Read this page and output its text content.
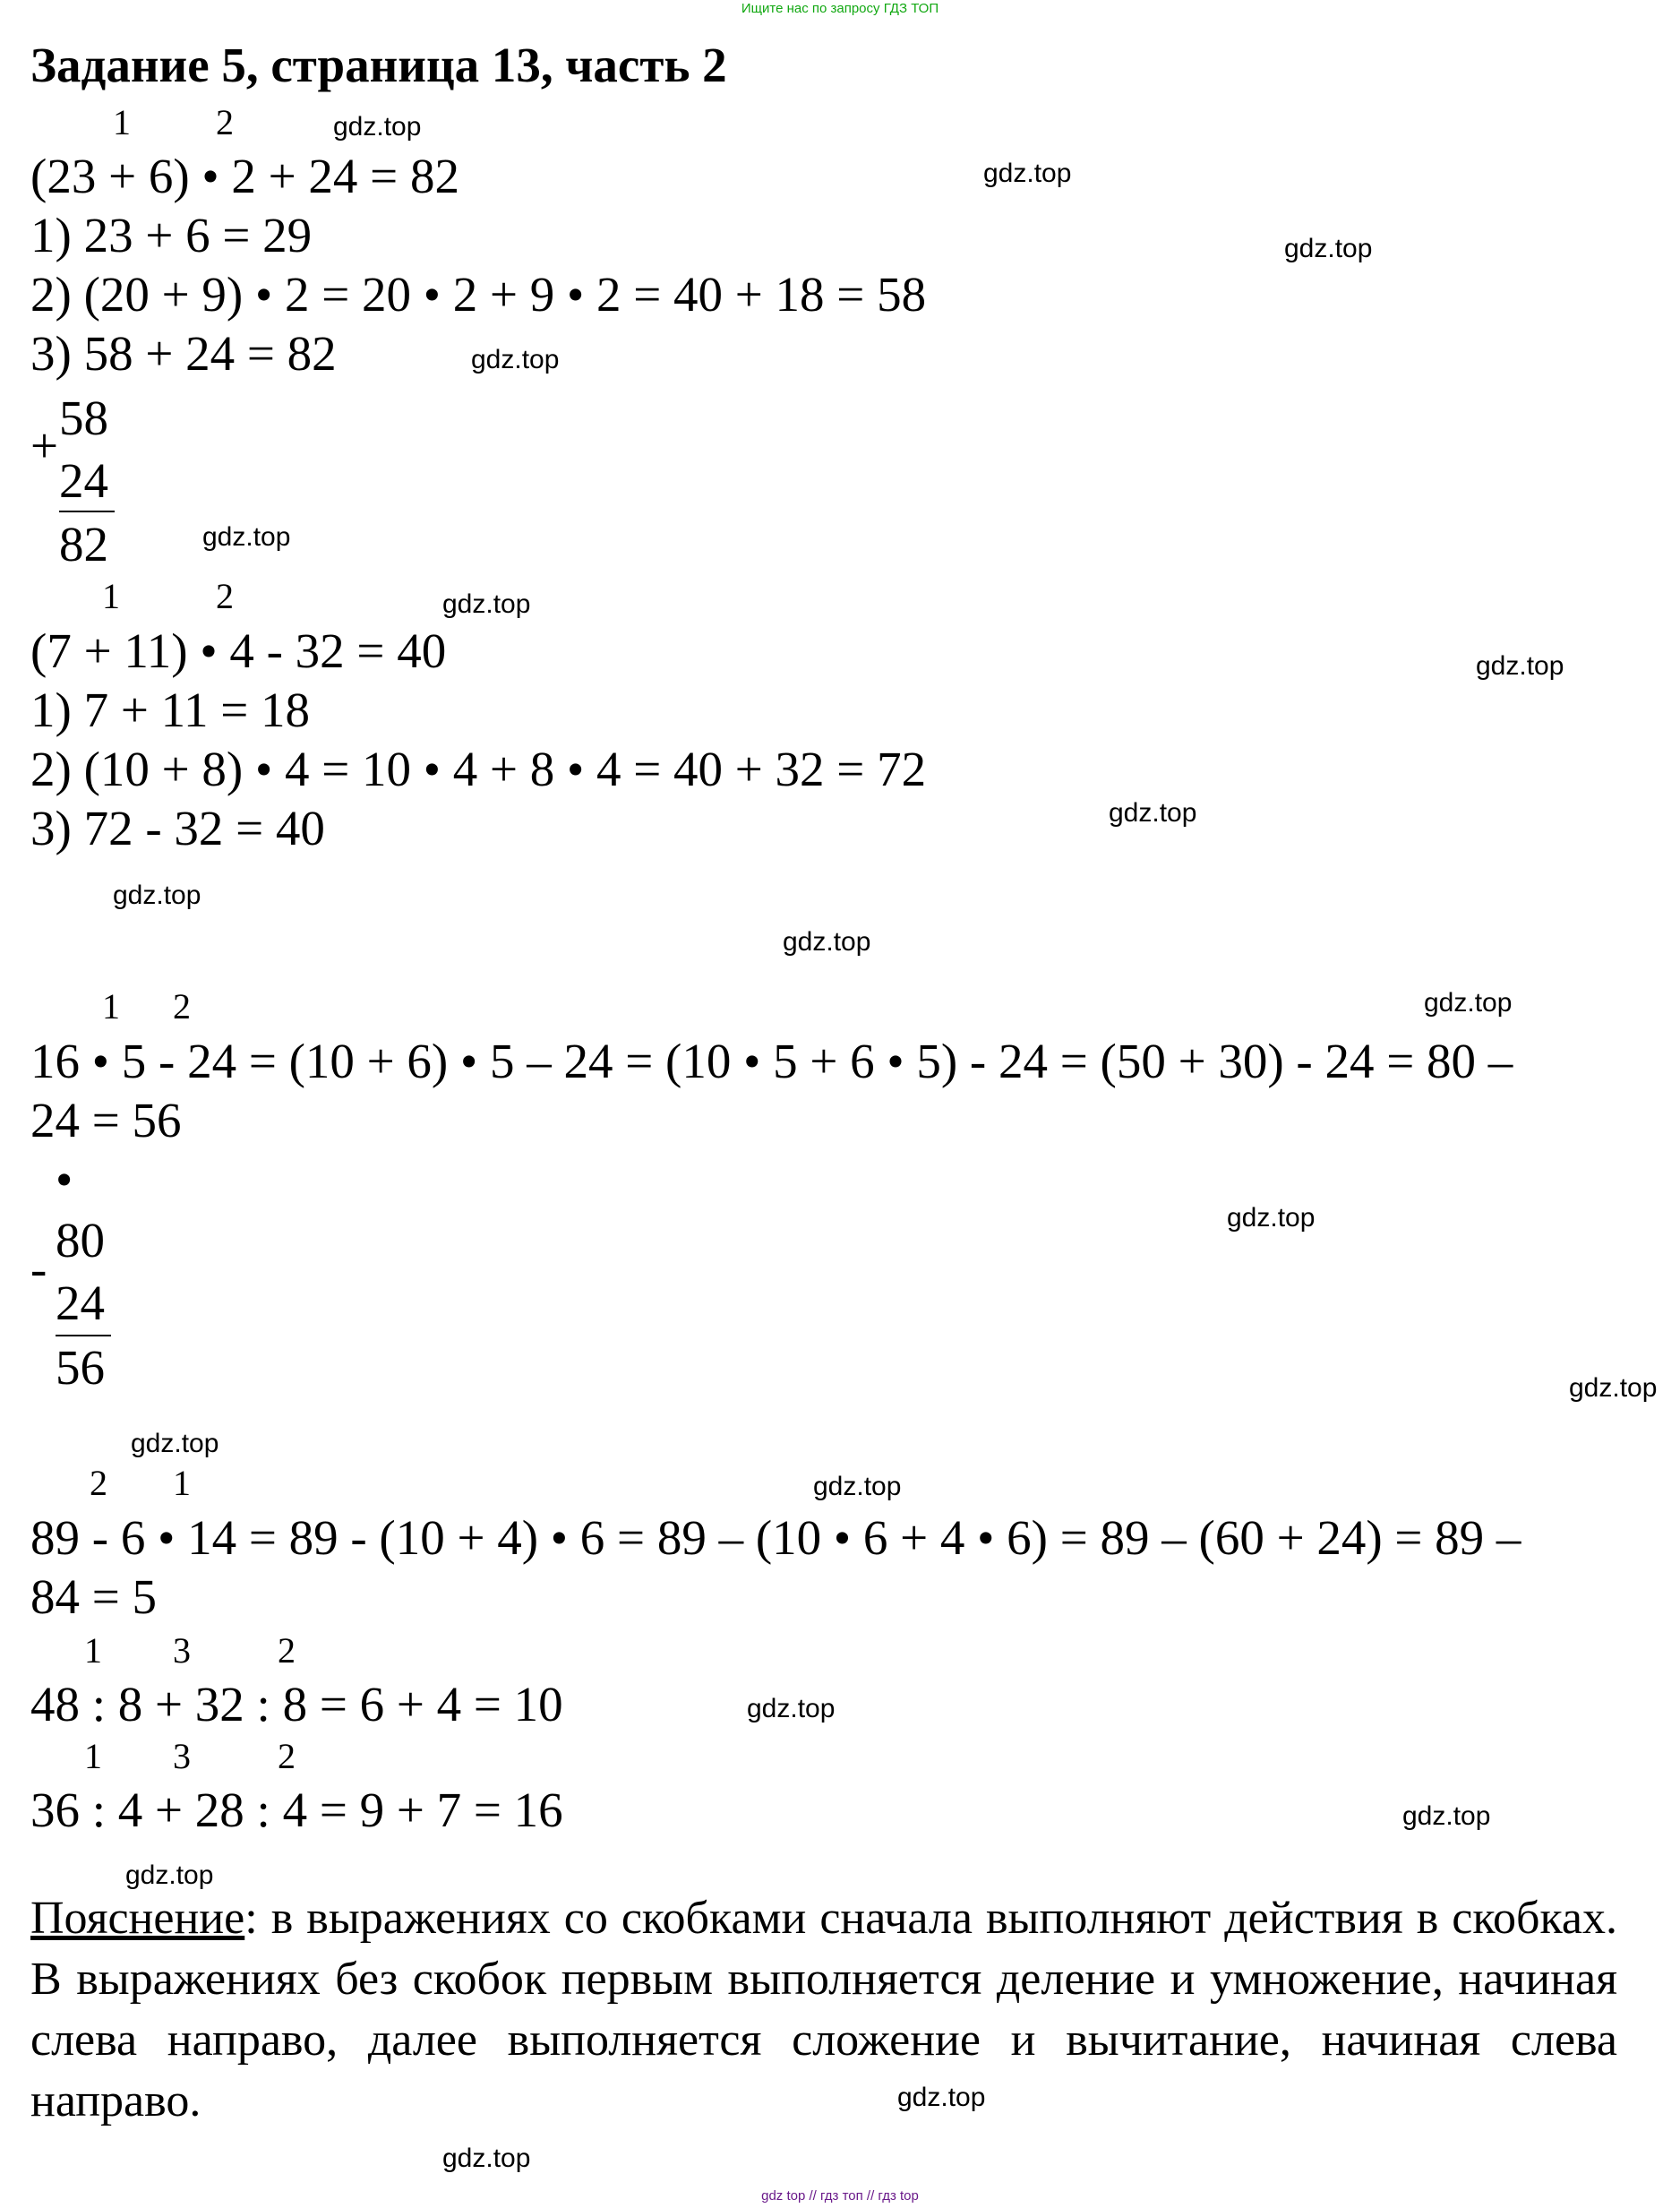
Ищите нас по запросу ГДЗ ТОП
gdz top // гдз топ // гдз top
Задание 5, страница 13, часть 2
1 2
(23 + 6) • 2 + 24 = 82
1) 23 + 6 = 29
2) (20 + 9) • 2 = 20 • 2 + 9 • 2 = 40 + 18 = 58
3) 58 + 24 = 82
58
+
24
82
1	2
(7 + 11) • 4 - 32 = 40
1) 7 + 11 = 18
2) (10 + 8) • 4 = 10 • 4 + 8 • 4 = 40 + 32 = 72
3) 72 - 32 = 40
1 2
16 • 5 - 24 = (10 + 6) • 5 – 24 = (10 • 5 + 6 • 5) - 24 = (50 + 30) - 24 = 80 –
24 = 56
•
80
-
24
56
2 1
89 - 6 • 14 = 89 - (10 + 4) • 6 = 89 – (10 • 6 + 4 • 6) = 89 – (60 + 24) = 89 –
84 = 5
1 3 2
48 : 8 + 32 : 8 = 6 + 4 = 10
1 3 2
36 : 4 + 28 : 4 = 9 + 7 = 16
Пояснение: в выражениях со скобками сначала выполняют действия в скобках. В выражениях без скобок первым выполняется деление и умножение, начиная слева направо, далее выполняется сложение и вычитание, начиная слева направо.
gdz.top
gdz.top
gdz.top
gdz.top
gdz.top
gdz.top
gdz.top
gdz.top
gdz.top
gdz.top
gdz.top
gdz.top
gdz.top
gdz.top
gdz.top
gdz.top
gdz.top
gdz.top
gdz.top
gdz.top
